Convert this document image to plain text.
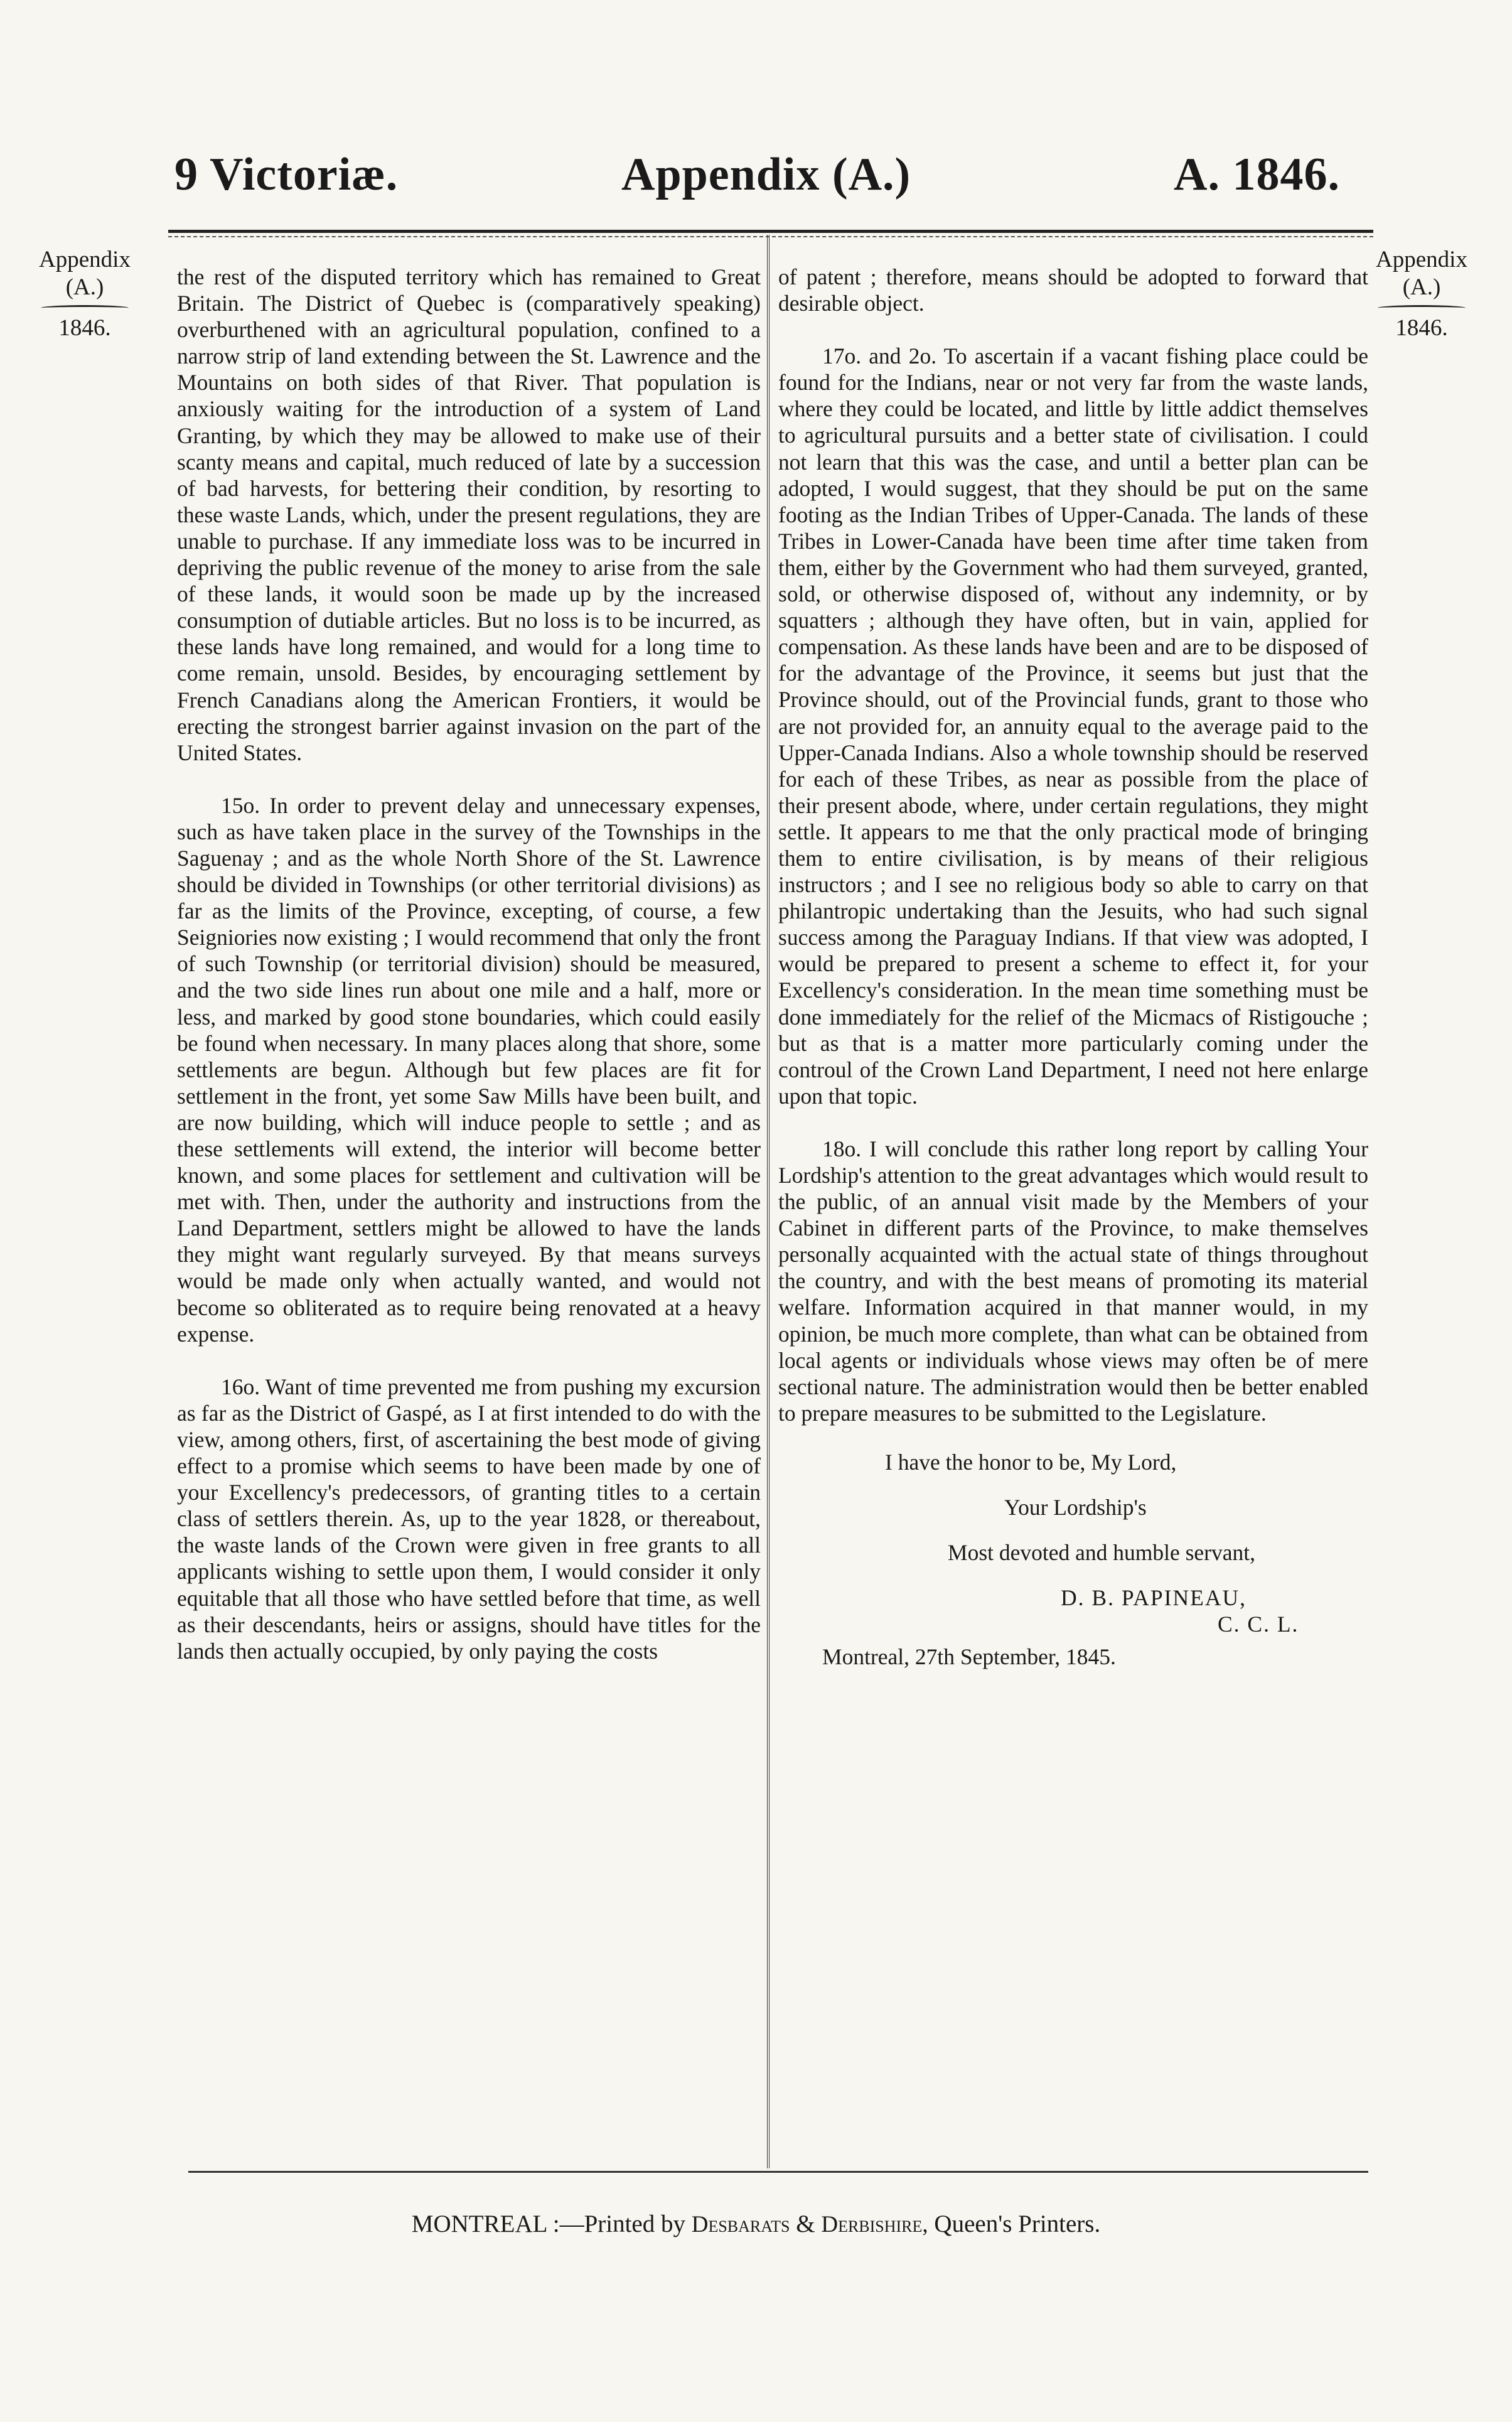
9 Victoriæ.	Appendix (A.)	A. 1846.
Appendix
(A.)
1846.
Appendix
(A.)
1846.

the rest of the disputed territory which has remained to Great Britain. The District of Quebec is (comparatively speaking) overburthened with an agricultural population, confined to a narrow strip of land extending between the St. Lawrence and the Mountains on both sides of that River. That population is anxiously waiting for the introduction of a system of Land Granting, by which they may be allowed to make use of their scanty means and capital, much reduced of late by a succession of bad harvests, for bettering their condition, by resorting to these waste Lands, which, under the present regulations, they are unable to purchase. If any immediate loss was to be incurred in depriving the public revenue of the money to arise from the sale of these lands, it would soon be made up by the increased consumption of dutiable articles. But no loss is to be incurred, as these lands have long remained, and would for a long time to come remain, unsold. Besides, by encouraging settlement by French Canadians along the American Frontiers, it would be erecting the strongest barrier against invasion on the part of the United States.

15o. In order to prevent delay and unnecessary expenses, such as have taken place in the survey of the Townships in the Saguenay ; and as the whole North Shore of the St. Lawrence should be divided in Townships (or other territorial divisions) as far as the limits of the Province, excepting, of course, a few Seigniories now existing ; I would recommend that only the front of such Township (or territorial division) should be measured, and the two side lines run about one mile and a half, more or less, and marked by good stone boundaries, which could easily be found when necessary. In many places along that shore, some settlements are begun. Although but few places are fit for settlement in the front, yet some Saw Mills have been built, and are now building, which will induce people to settle ; and as these settlements will extend, the interior will become better known, and some places for settlement and cultivation will be met with. Then, under the authority and instructions from the Land Department, settlers might be allowed to have the lands they might want regularly surveyed. By that means surveys would be made only when actually wanted, and would not become so obliterated as to require being renovated at a heavy expense.

16o. Want of time prevented me from pushing my excursion as far as the District of Gaspé, as I at first intended to do with the view, among others, first, of ascertaining the best mode of giving effect to a promise which seems to have been made by one of your Excellency's predecessors, of granting titles to a certain class of settlers therein. As, up to the year 1828, or thereabout, the waste lands of the Crown were given in free grants to all applicants wishing to settle upon them, I would consider it only equitable that all those who have settled before that time, as well as their descendants, heirs or assigns, should have titles for the lands then actually occupied, by only paying the costs

of patent ; therefore, means should be adopted to forward that desirable object.

17o. and 2o. To ascertain if a vacant fishing place could be found for the Indians, near or not very far from the waste lands, where they could be located, and little by little addict themselves to agricultural pursuits and a better state of civilisation. I could not learn that this was the case, and until a better plan can be adopted, I would suggest, that they should be put on the same footing as the Indian Tribes of Upper-Canada. The lands of these Tribes in Lower-Canada have been time after time taken from them, either by the Government who had them surveyed, granted, sold, or otherwise disposed of, without any indemnity, or by squatters ; although they have often, but in vain, applied for compensation. As these lands have been and are to be disposed of for the advantage of the Province, it seems but just that the Province should, out of the Provincial funds, grant to those who are not provided for, an annuity equal to the average paid to the Upper-Canada Indians. Also a whole township should be reserved for each of these Tribes, as near as possible from the place of their present abode, where, under certain regulations, they might settle. It appears to me that the only practical mode of bringing them to entire civilisation, is by means of their religious instructors ; and I see no religious body so able to carry on that philantropic undertaking than the Jesuits, who had such signal success among the Paraguay Indians. If that view was adopted, I would be prepared to present a scheme to effect it, for your Excellency's consideration. In the mean time something must be done immediately for the relief of the Micmacs of Ristigouche ; but as that is a matter more particularly coming under the controul of the Crown Land Department, I need not here enlarge upon that topic.

18o. I will conclude this rather long report by calling Your Lordship's attention to the great advantages which would result to the public, of an annual visit made by the Members of your Cabinet in different parts of the Province, to make themselves personally acquainted with the actual state of things throughout the country, and with the best means of promoting its material welfare. Information acquired in that manner would, in my opinion, be much more complete, than what can be obtained from local agents or individuals whose views may often be of mere sectional nature. The administration would then be better enabled to prepare measures to be submitted to the Legislature.

I have the honor to be, My Lord,
Your Lordship's
Most devoted and humble servant,
D. B. PAPINEAU,
C. C. L.
Montreal, 27th September, 1845.
MONTREAL :—Printed by Desbarats & Derbishire, Queen's Printers.
